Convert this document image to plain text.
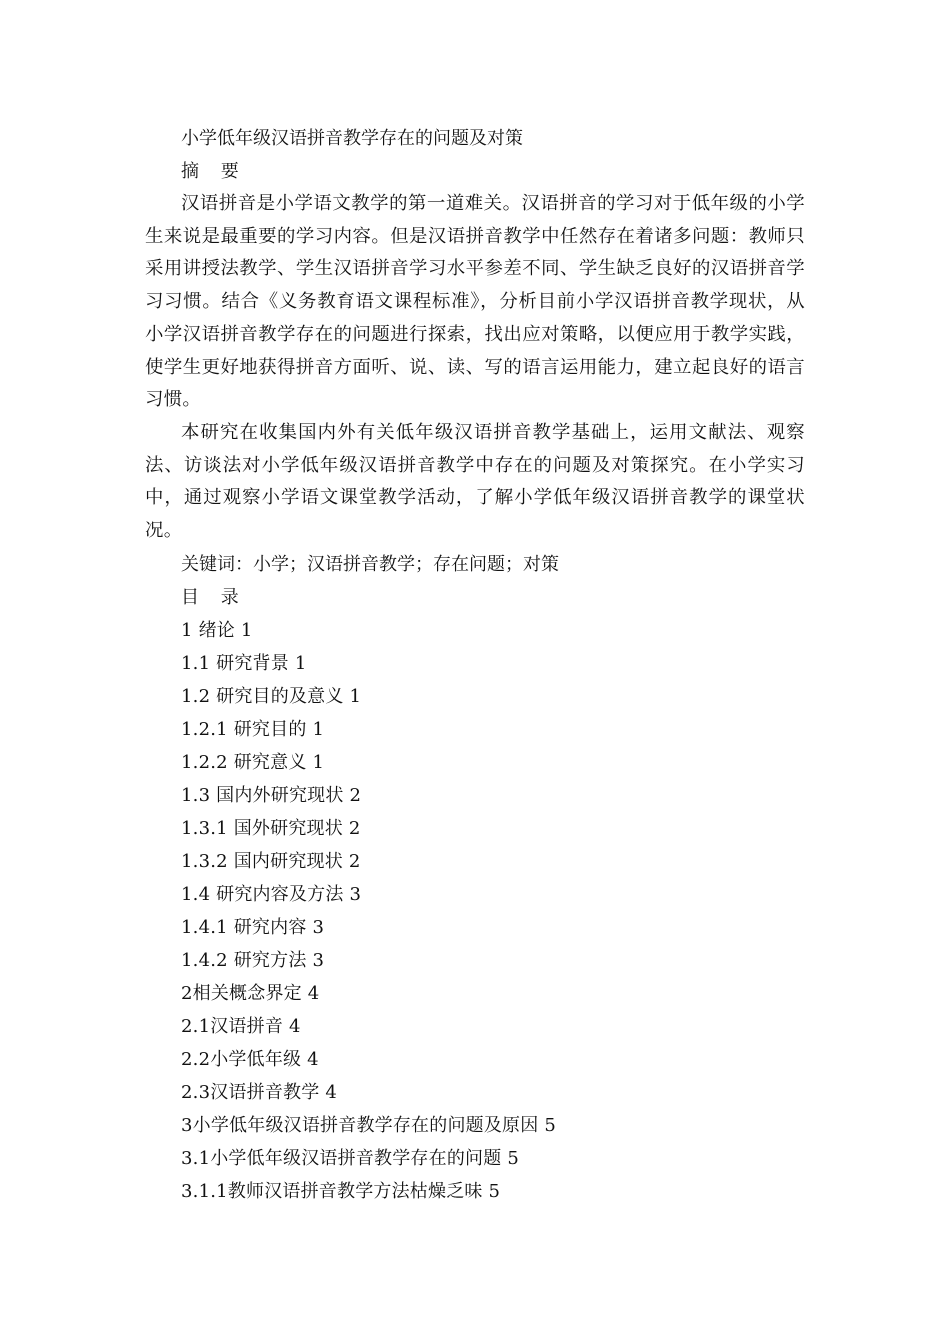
小学低年级汉语拼音教学存在的问题及对策
摘 要

汉语拼音是小学语文教学的第一道难关。汉语拼音的学习对于低年级的小学生来说是最重要的学习内容。但是汉语拼音教学中任然存在着诸多问题：教师只采用讲授法教学、学生汉语拼音学习水平参差不同、学生缺乏良好的汉语拼音学习习惯。结合《义务教育语文课程标准》，分析目前小学汉语拼音教学现状，从小学汉语拼音教学存在的问题进行探索，找出应对策略，以便应用于教学实践，使学生更好地获得拼音方面听、说、读、写的语言运用能力，建立起良好的语言习惯。

本研究在收集国内外有关低年级汉语拼音教学基础上，运用文献法、观察法、访谈法对小学低年级汉语拼音教学中存在的问题及对策探究。在小学实习中，通过观察小学语文课堂教学活动，了解小学低年级汉语拼音教学的课堂状况。

关键词：小学；汉语拼音教学；存在问题；对策
目 录
1 绪论 1
1.1 研究背景 1
1.2 研究目的及意义 1
1.2.1 研究目的 1
1.2.2 研究意义 1
1.3 国内外研究现状 2
1.3.1 国外研究现状 2
1.3.2 国内研究现状 2
1.4 研究内容及方法 3
1.4.1 研究内容 3
1.4.2 研究方法 3
2相关概念界定 4
2.1汉语拼音 4
2.2小学低年级 4
2.3汉语拼音教学 4
3小学低年级汉语拼音教学存在的问题及原因 5
3.1小学低年级汉语拼音教学存在的问题 5
3.1.1教师汉语拼音教学方法枯燥乏味 5
